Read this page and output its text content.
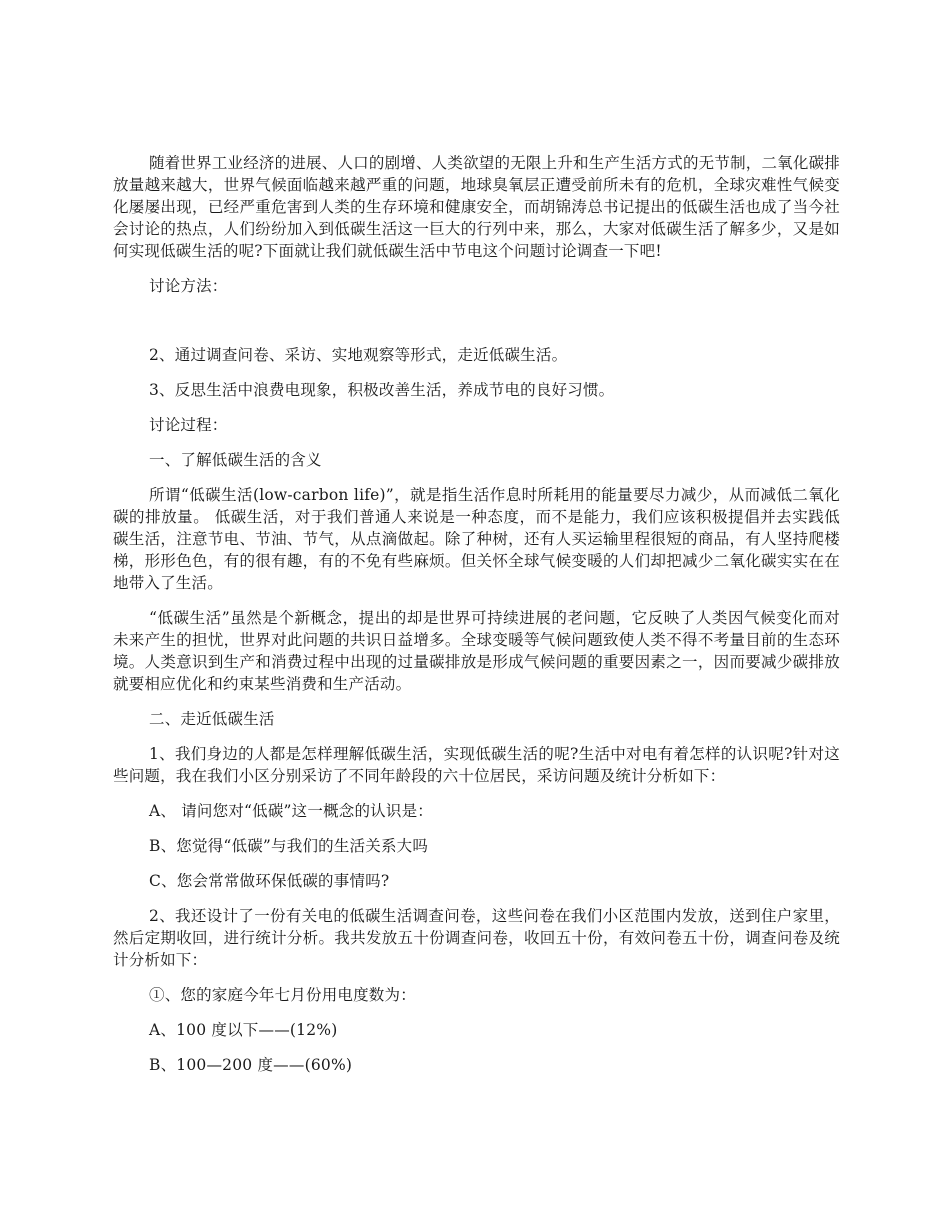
随着世界工业经济的进展、人口的剧增、人类欲望的无限上升和生产生活方式的无节制，二氧化碳排放量越来越大，世界气候面临越来越严重的问题，地球臭氧层正遭受前所未有的危机，全球灾难性气候变化屡屡出现，已经严重危害到人类的生存环境和健康安全，而胡锦涛总书记提出的低碳生活也成了当今社会讨论的热点，人们纷纷加入到低碳生活这一巨大的行列中来，那么，大家对低碳生活了解多少，又是如何实现低碳生活的呢?下面就让我们就低碳生活中节电这个问题讨论调查一下吧!

讨论方法：

2、通过调查问卷、采访、实地观察等形式，走近低碳生活。

3、反思生活中浪费电现象，积极改善生活，养成节电的良好习惯。

讨论过程：

一、了解低碳生活的含义

所谓“低碳生活(low-carbon life)”，就是指生活作息时所耗用的能量要尽力减少，从而减低二氧化碳的排放量。 低碳生活，对于我们普通人来说是一种态度，而不是能力，我们应该积极提倡并去实践低碳生活，注意节电、节油、节气，从点滴做起。除了种树，还有人买运输里程很短的商品，有人坚持爬楼梯，形形色色，有的很有趣，有的不免有些麻烦。但关怀全球气候变暖的人们却把减少二氧化碳实实在在地带入了生活。

“低碳生活”虽然是个新概念，提出的却是世界可持续进展的老问题，它反映了人类因气候变化而对未来产生的担忧，世界对此问题的共识日益增多。全球变暖等气候问题致使人类不得不考量目前的生态环境。人类意识到生产和消费过程中出现的过量碳排放是形成气候问题的重要因素之一，因而要减少碳排放就要相应优化和约束某些消费和生产活动。

二、走近低碳生活

1、我们身边的人都是怎样理解低碳生活，实现低碳生活的呢?生活中对电有着怎样的认识呢?针对这些问题，我在我们小区分别采访了不同年龄段的六十位居民，采访问题及统计分析如下：

A、 请问您对“低碳”这一概念的认识是：

B、您觉得“低碳”与我们的生活关系大吗

C、您会常常做环保低碳的事情吗?

2、我还设计了一份有关电的低碳生活调查问卷，这些问卷在我们小区范围内发放，送到住户家里，然后定期收回，进行统计分析。我共发放五十份调查问卷，收回五十份，有效问卷五十份，调查问卷及统计分析如下：

①、您的家庭今年七月份用电度数为：

A、100 度以下——(12%)

B、100—200 度——(60%)
